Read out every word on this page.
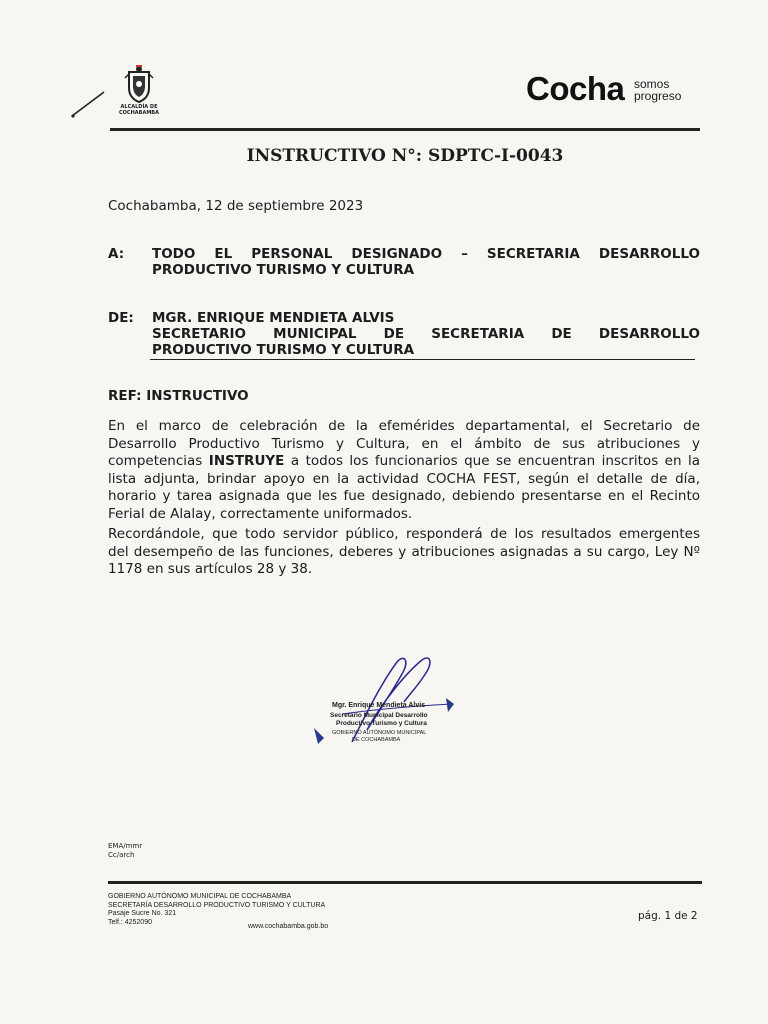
ALCALDÍA DE
COCHABAMBA
Cocha somos
progreso
INSTRUCTIVO N°: SDPTC-I-0043
Cochabamba, 12 de septiembre 2023
A: TODO EL PERSONAL DESIGNADO – SECRETARIA DESARROLLO
PRODUCTIVO TURISMO Y CULTURA
DE: MGR. ENRIQUE MENDIETA ALVIS
SECRETARIO MUNICIPAL DE SECRETARIA DE DESARROLLO
PRODUCTIVO TURISMO Y CULTURA
REF: INSTRUCTIVO
En el marco de celebración de la efemérides departamental, el Secretario de
Desarrollo Productivo Turismo y Cultura, en el ámbito de sus atribuciones y
competencias INSTRUYE a todos los funcionarios que se encuentran inscritos en la
lista adjunta, brindar apoyo en la actividad COCHA FEST, según el detalle de día,
horario y tarea asignada que les fue designado, debiendo presentarse en el Recinto
Ferial de Alalay, correctamente uniformados.
Recordándole, que todo servidor público, responderá de los resultados emergentes
del desempeño de las funciones, deberes y atribuciones asignadas a su cargo, Ley Nº
1178 en sus artículos 28 y 38.
Mgr. Enrique Mendieta Alvis
Secretario Municipal Desarrollo
Productivo Turismo y Cultura
GOBIERNO AUTÓNOMO MUNICIPAL
DE COCHABAMBA
EMA/mmr
Cc/arch
GOBIERNO AUTÓNOMO MUNICIPAL DE COCHABAMBA
SECRETARÍA DESARROLLO PRODUCTIVO TURISMO Y CULTURA
Pasaje Sucre No. 321
Telf.: 4252090
www.cochabamba.gob.bo
pág. 1 de 2
